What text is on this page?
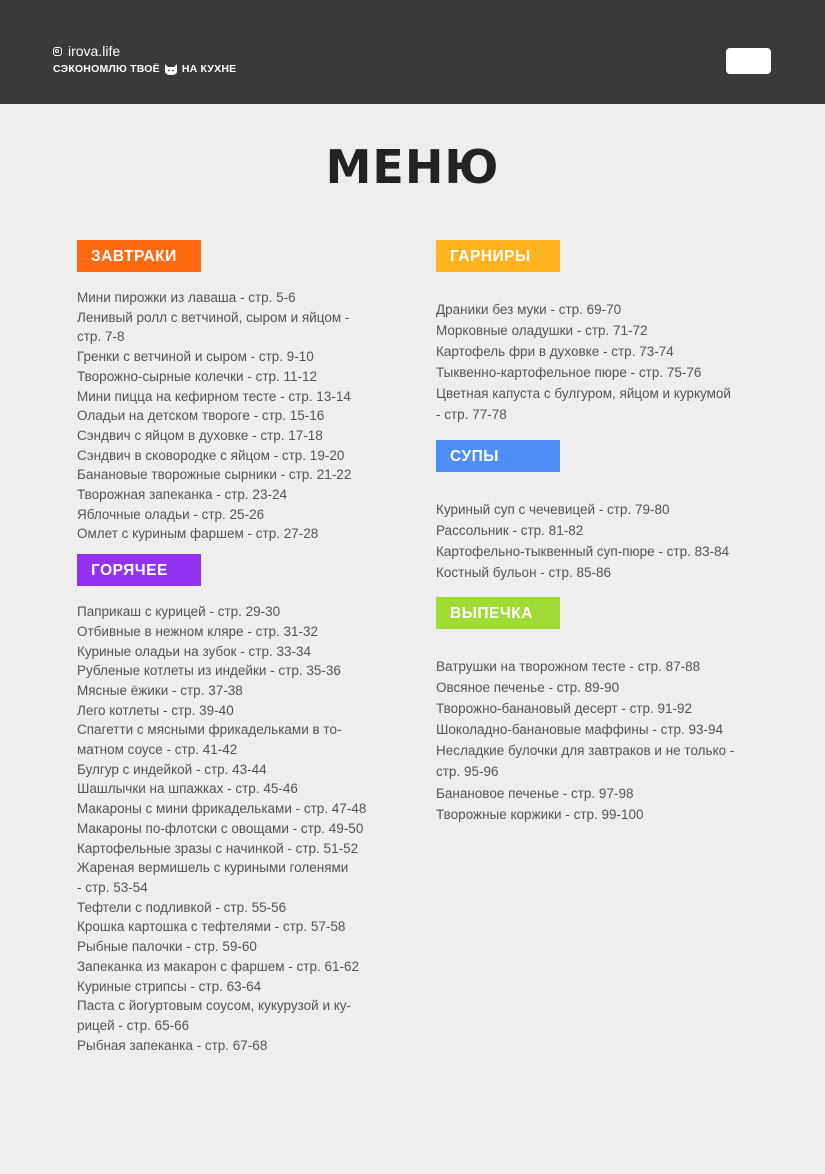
irova.life
СЭКОНОМЛЮ ТВОЁ НА КУХНЕ
МЕНЮ
ЗАВТРАКИ
Мини пирожки из лаваша - стр. 5-6
Ленивый ролл с ветчиной, сыром и яйцом -
стр. 7-8
Гренки с ветчиной и сыром - стр. 9-10
Творожно-сырные колечки - стр. 11-12
Мини пицца на кефирном тесте - стр. 13-14
Оладьи на детском твороге - стр. 15-16
Сэндвич с яйцом в духовке - стр. 17-18
Сэндвич в сковородке с яйцом - стр. 19-20
Банановые творожные сырники - стр. 21-22
Творожная запеканка - стр. 23-24
Яблочные оладьи - стр. 25-26
Омлет с куриным фаршем - стр. 27-28
ГОРЯЧЕЕ
Паприкаш с курицей - стр. 29-30
Отбивные в нежном кляре - стр. 31-32
Куриные оладьи на зубок - стр. 33-34
Рубленые котлеты из индейки - стр. 35-36
Мясные ёжики - стр. 37-38
Лего котлеты - стр. 39-40
Спагетти с мясными фрикадельками в то-
матном соусе - стр. 41-42
Булгур с индейкой - стр. 43-44
Шашлычки на шпажках - стр. 45-46
Макароны с мини фрикадельками - стр. 47-48
Макароны по-флотски с овощами - стр. 49-50
Картофельные зразы с начинкой - стр. 51-52
Жареная вермишель с куриными голенями
- стр. 53-54
Тефтели с подливкой - стр. 55-56
Крошка картошка с тефтелями - стр. 57-58
Рыбные палочки - стр. 59-60
Запеканка из макарон с фаршем - стр. 61-62
Куриные стрипсы - стр. 63-64
Паста с йогуртовым соусом, кукурузой и ку-
рицей - стр. 65-66
Рыбная запеканка - стр. 67-68
ГАРНИРЫ
Драники без муки - стр. 69-70
Морковные оладушки - стр. 71-72
Картофель фри в духовке - стр. 73-74
Тыквенно-картофельное пюре - стр. 75-76
Цветная капуста с булгуром, яйцом и куркумой
- стр. 77-78
СУПЫ
Куриный суп с чечевицей - стр. 79-80
Рассольник - стр. 81-82
Картофельно-тыквенный суп-пюре - стр. 83-84
Костный бульон - стр. 85-86
ВЫПЕЧКА
Ватрушки на творожном тесте - стр. 87-88
Овсяное печенье - стр. 89-90
Творожно-банановый десерт - стр. 91-92
Шоколадно-банановые маффины - стр. 93-94
Несладкие булочки для завтраков и не только -
стр. 95-96
Банановое печенье - стр. 97-98
Творожные коржики - стр. 99-100
